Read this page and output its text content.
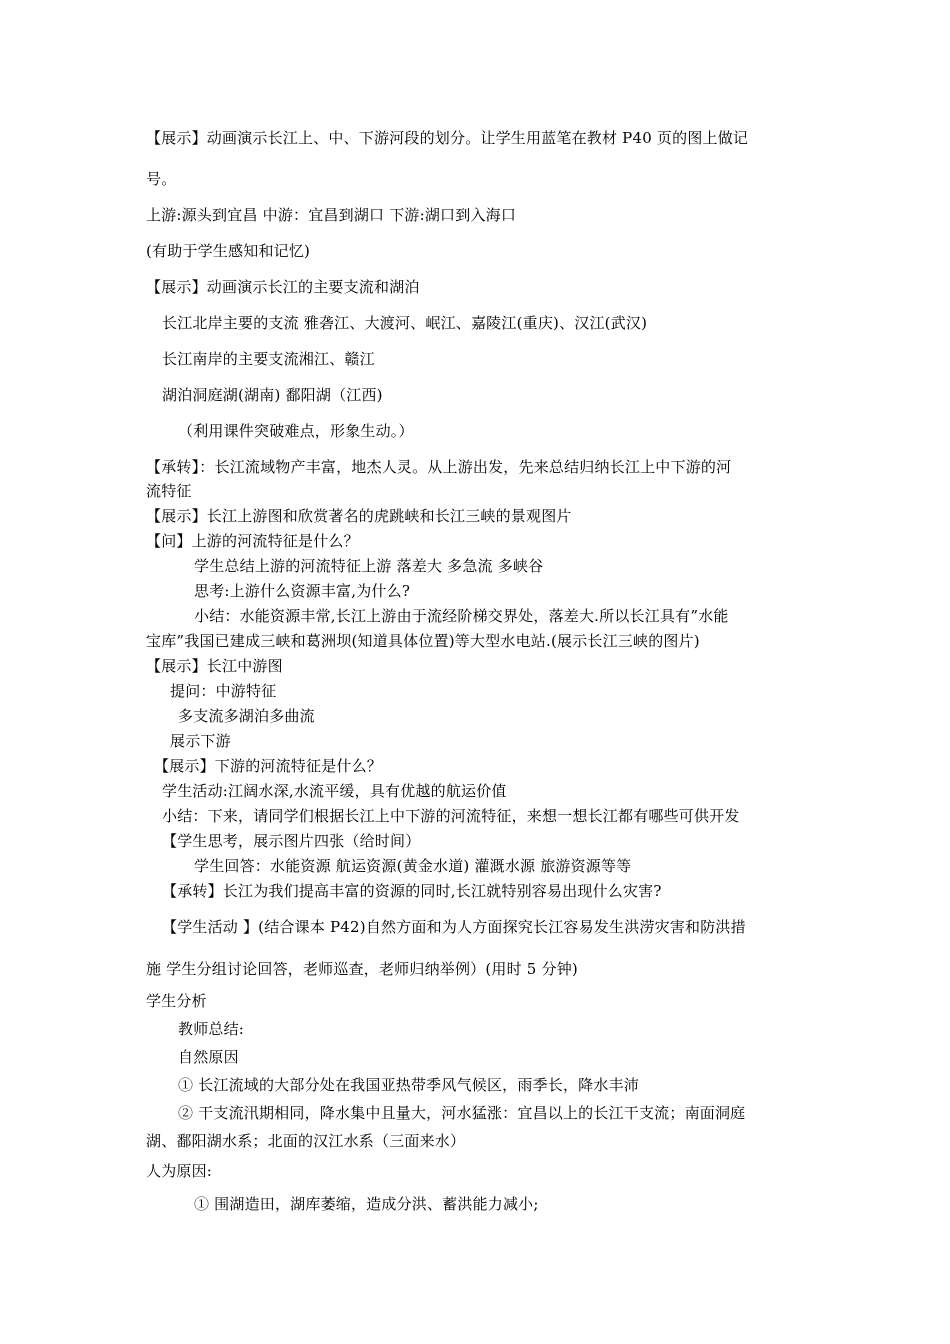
【展示】动画演示长江上、中、下游河段的划分。让学生用蓝笔在教材 P40 页的图上做记
号。
上游:源头到宜昌 中游：宜昌到湖口 下游:湖口到入海口
(有助于学生感知和记忆)
【展示】动画演示长江的主要支流和湖泊
长江北岸主要的支流 雅砻江、大渡河、岷江、嘉陵江(重庆)、汉江(武汉)
长江南岸的主要支流湘江、赣江
湖泊洞庭湖(湖南) 鄱阳湖（江西)
（利用课件突破难点，形象生动。）
【承转】：长江流域物产丰富，地杰人灵。从上游出发，先来总结归纳长江上中下游的河
流特征
【展示】长江上游图和欣赏著名的虎跳峡和长江三峡的景观图片
【问】上游的河流特征是什么？
学生总结上游的河流特征上游 落差大 多急流 多峡谷
思考:上游什么资源丰富,为什么?
小结：水能资源丰常,长江上游由于流经阶梯交界处，落差大.所以长江具有”水能
宝库”我国已建成三峡和葛洲坝(知道具体位置)等大型水电站.(展示长江三峡的图片)
【展示】长江中游图
提问：中游特征
多支流多湖泊多曲流
展示下游
【展示】下游的河流特征是什么？
学生活动:江阔水深,水流平缓，具有优越的航运价值
小结：下来，请同学们根据长江上中下游的河流特征，来想一想长江都有哪些可供开发
【学生思考，展示图片四张（给时间）
学生回答：水能资源 航运资源(黄金水道) 灌溉水源 旅游资源等等
【承转】长江为我们提高丰富的资源的同时,长江就特别容易出现什么灾害?
【学生活动 】(结合课本 P42)自然方面和为人方面探究长江容易发生洪涝灾害和防洪措
施 学生分组讨论回答，老师巡查，老师归纳举例）(用时 5 分钟)
学生分析
教师总结:
自然原因
① 长江流域的大部分处在我国亚热带季风气候区，雨季长，降水丰沛
② 干支流汛期相同，降水集中且量大，河水猛涨：宜昌以上的长江干支流；南面洞庭
湖、鄱阳湖水系；北面的汉江水系（三面来水）
人为原因:
① 围湖造田，湖库萎缩，造成分洪、蓄洪能力减小;
